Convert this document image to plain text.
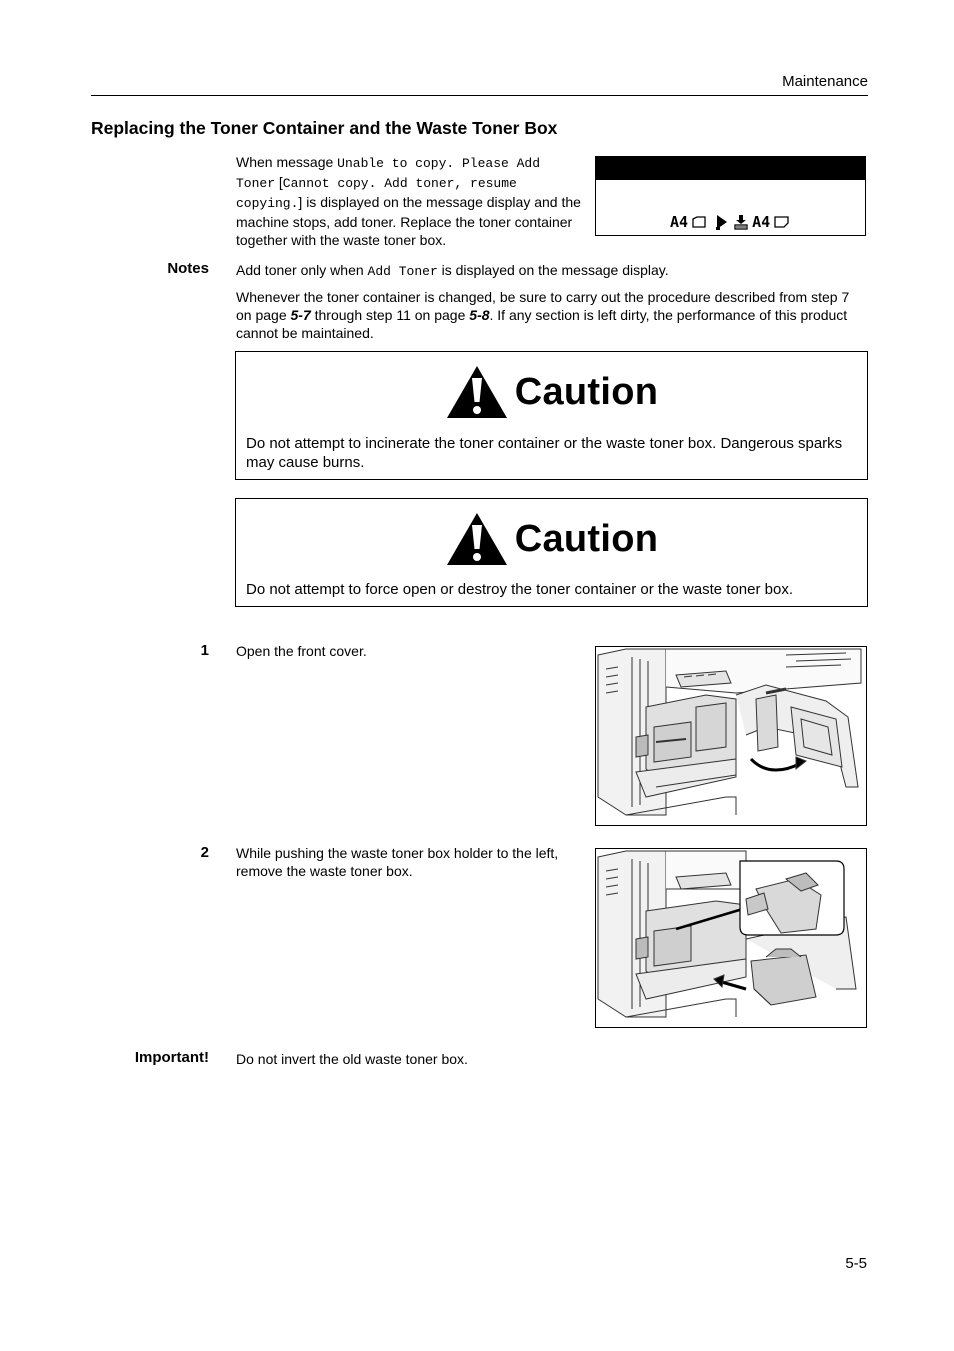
Maintenance
Replacing the Toner Container and the Waste Toner Box
When message Unable to copy. Please Add Toner [Cannot copy. Add toner, resume copying.] is displayed on the message display and the machine stops, add toner. Replace the toner container together with the waste toner box.
A4	A4
Notes Add toner only when Add Toner is displayed on the message display.
Whenever the toner container is changed, be sure to carry out the procedure described from step 7 on page 5-7 through step 11 on page 5-8. If any section is left dirty, the performance of this product cannot be maintained.
Caution
Do not attempt to incinerate the toner container or the waste toner box. Dangerous sparks may cause burns.
Caution
Do not attempt to force open or destroy the toner container or the waste toner box.
1 Open the front cover.
2 While pushing the waste toner box holder to the left, remove the waste toner box.
Important! Do not invert the old waste toner box.
5-5
